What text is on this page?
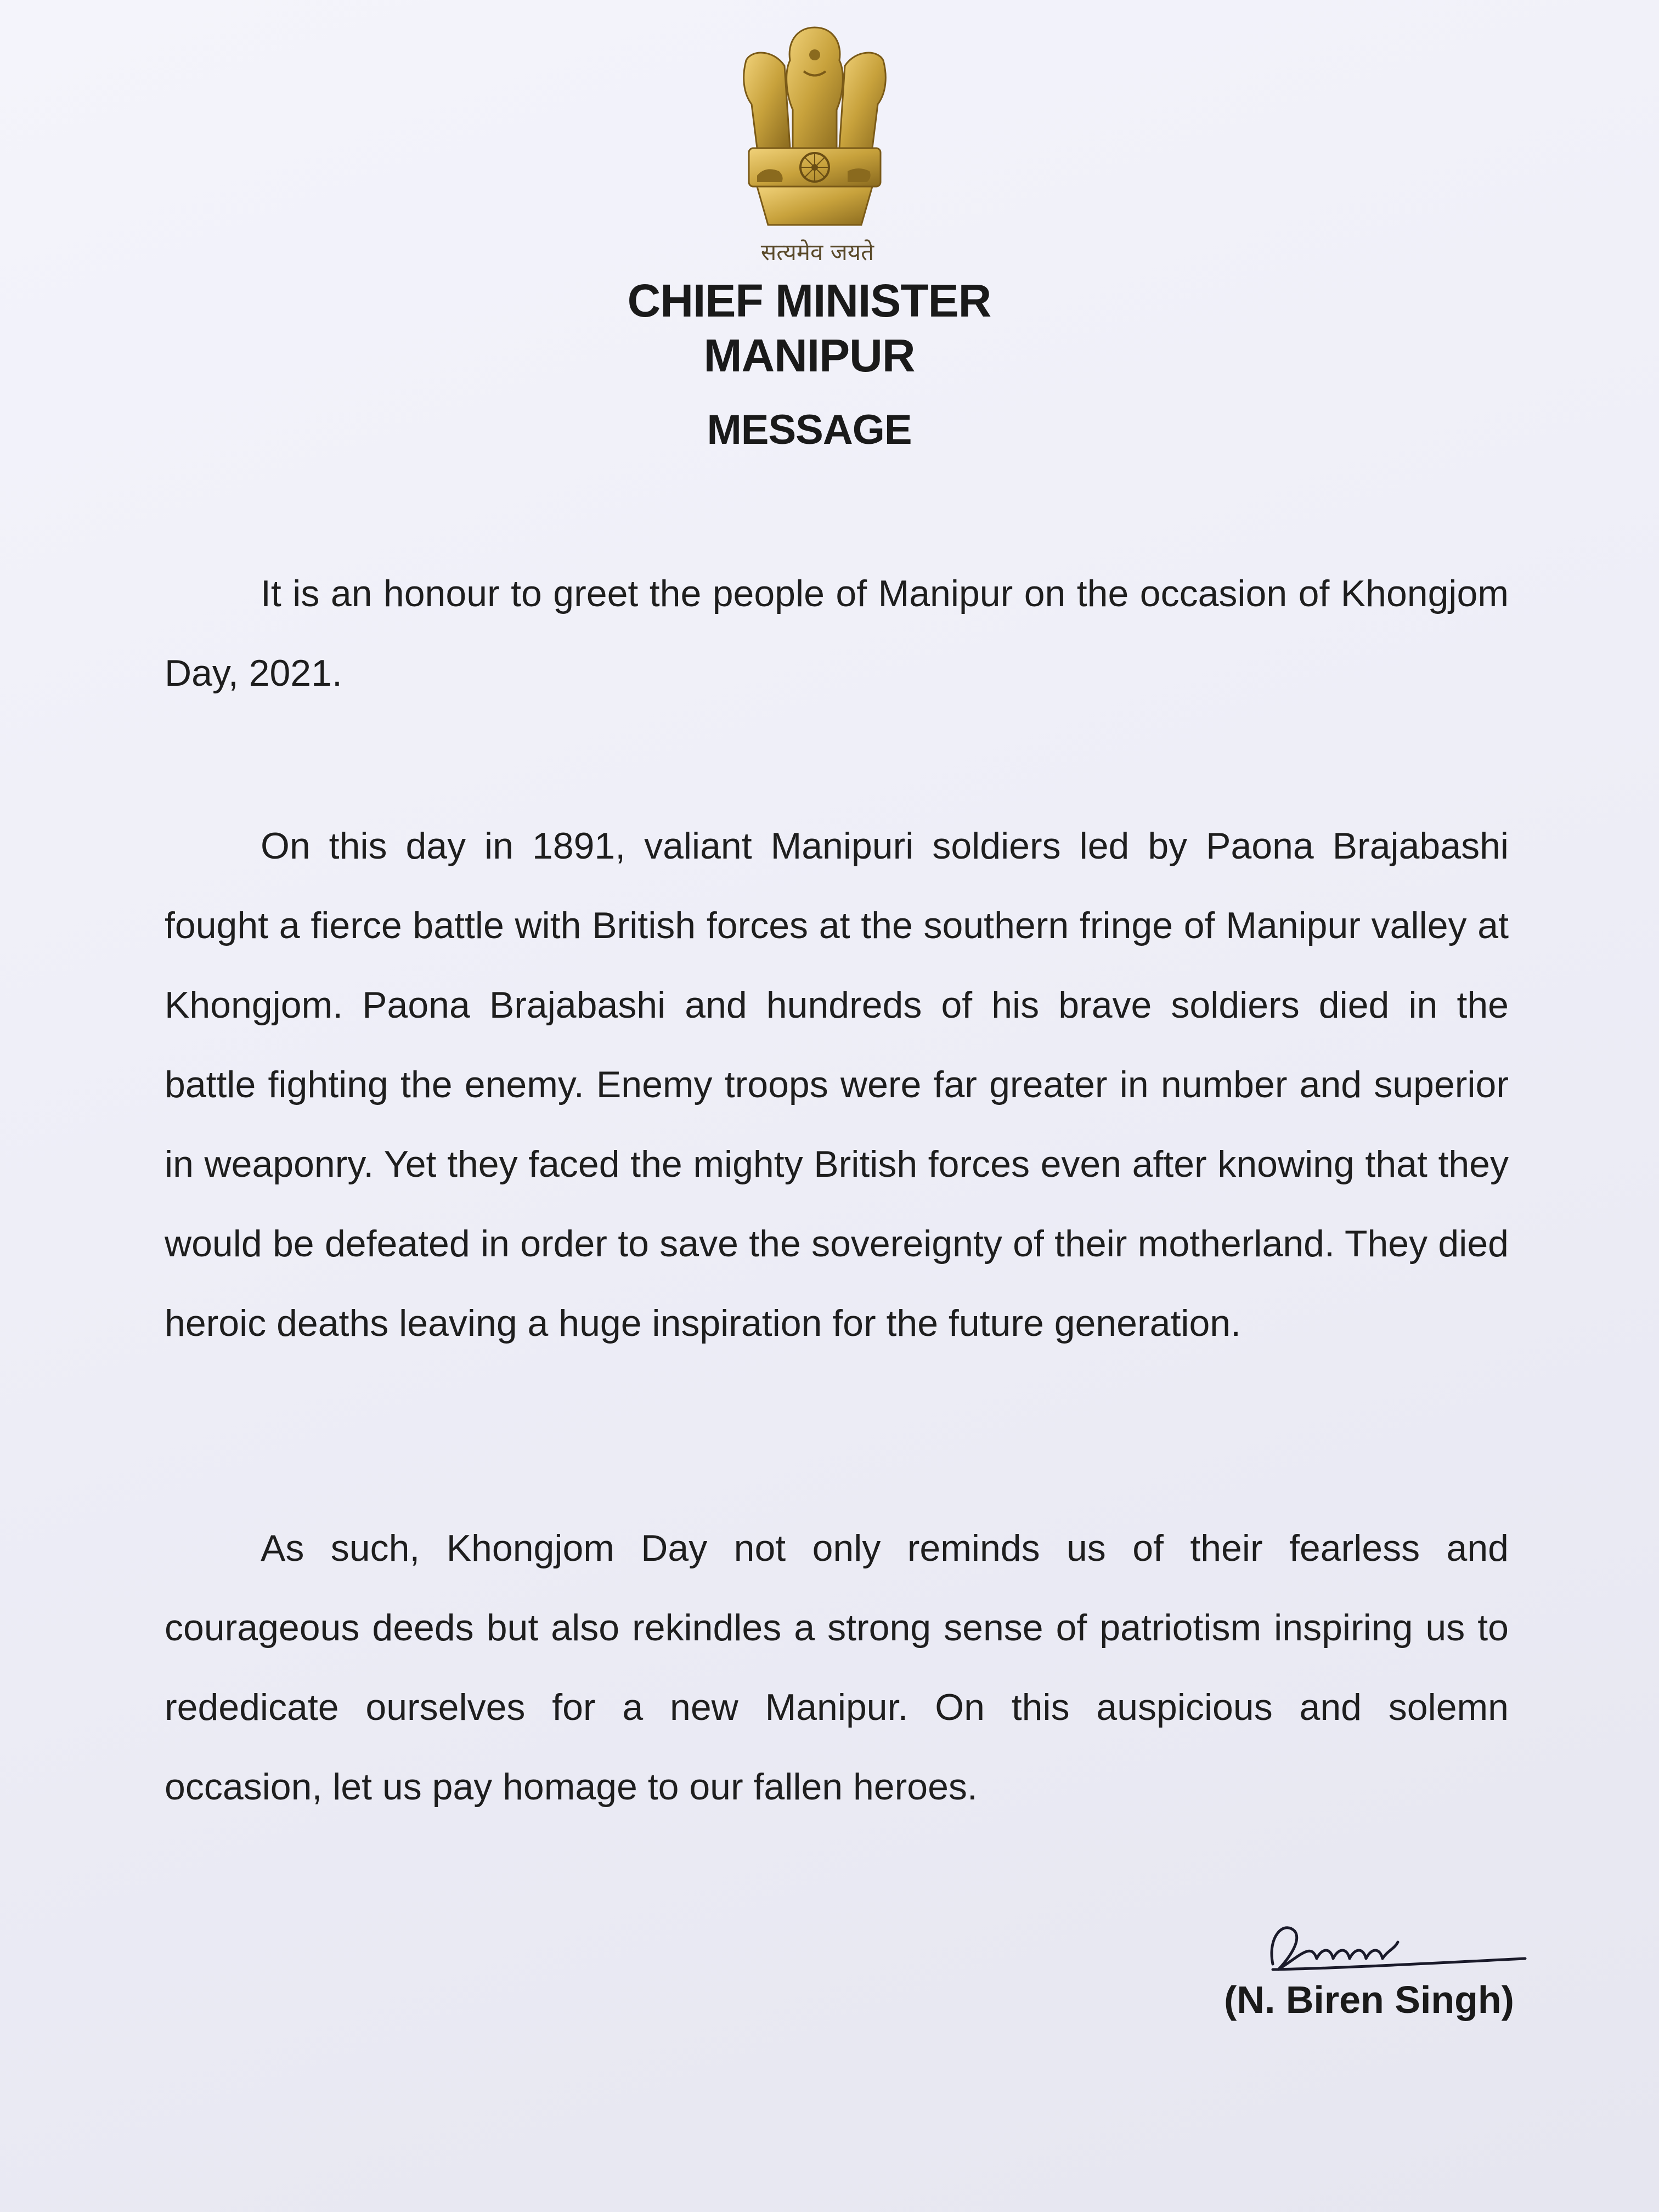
सत्यमेव जयते
CHIEF MINISTER
MANIPUR
MESSAGE
It is an honour to greet the people of Manipur on the occasion of Khongjom Day, 2021.
On this day in 1891, valiant Manipuri soldiers led by Paona Brajabashi fought a fierce battle with British forces at the southern fringe of Manipur valley at Khongjom. Paona Brajabashi and hundreds of his brave soldiers died in the battle fighting the enemy. Enemy troops were far greater in number and superior in weaponry. Yet they faced the mighty British forces even after knowing that they would be defeated in order to save the sovereignty of their motherland. They died heroic deaths leaving a huge inspiration for the future generation.
As such, Khongjom Day not only reminds us of their fearless and courageous deeds but also rekindles a strong sense of patriotism inspiring us to rededicate ourselves for a new Manipur. On this auspicious and solemn occasion, let us pay homage to our fallen heroes.
(N. Biren Singh)
